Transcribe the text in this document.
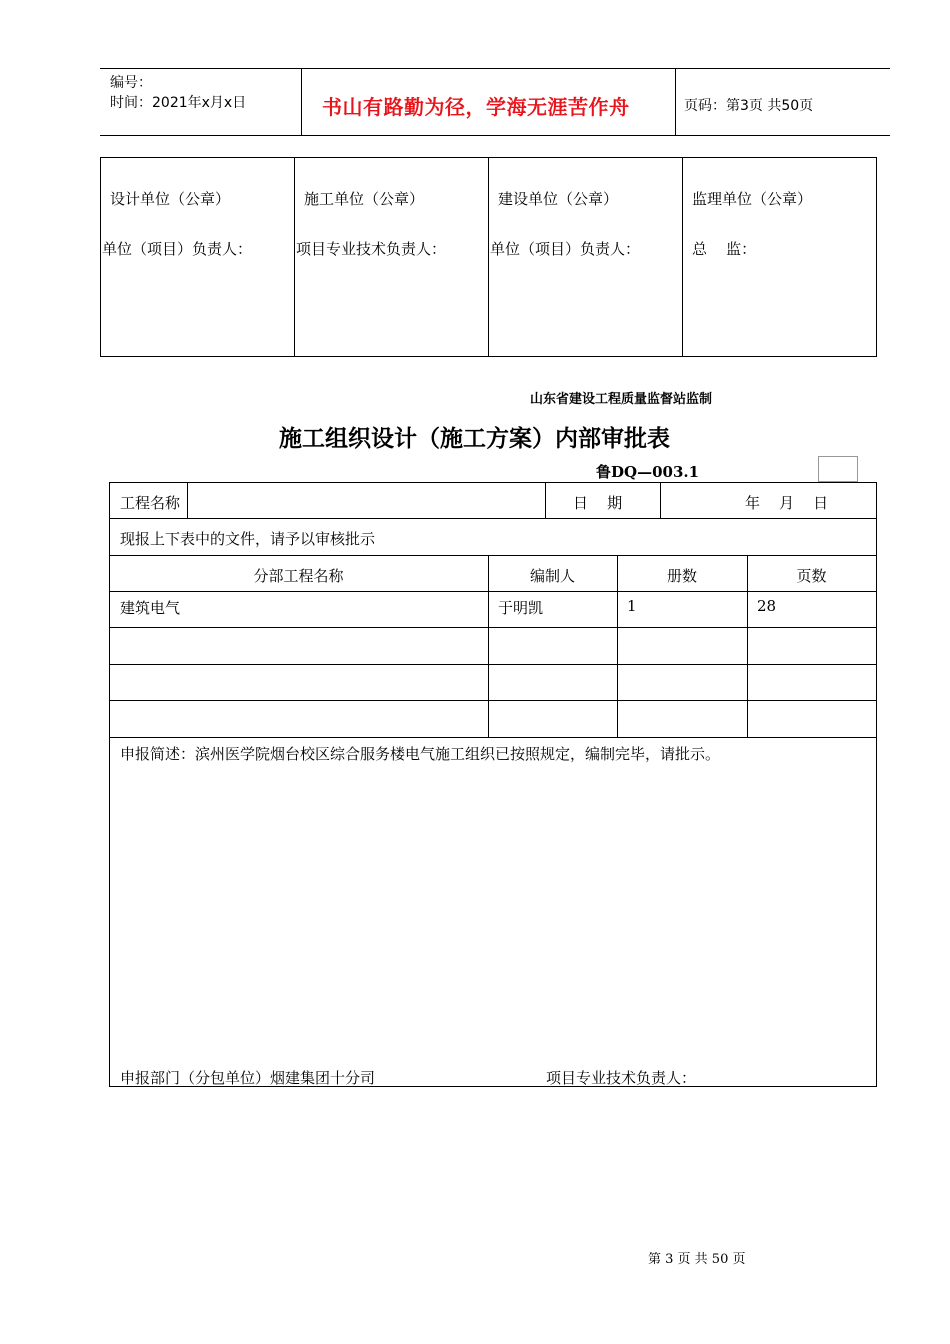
编号：
时间：2021年x月x日	书山有路勤为径，学海无涯苦作舟	页码：第3页 共50页
设计单位（公章）
单位（项目）负责人：
施工单位（公章）
项目专业技术负责人：
建设单位（公章）
单位（项目）负责人：
监理单位（公章）
总    监：
山东省建设工程质量监督站监制
施工组织设计（施工方案）内部审批表
鲁DQ—003.1
工程名称	日    期	年    月    日
现报上下表中的文件，请予以审核批示
分部工程名称	编制人	册数	页数
建筑电气	于明凯	1	28
申报简述：滨州医学院烟台校区综合服务楼电气施工组织已按照规定，编制完毕，请批示。
申报部门（分包单位）烟建集团十分司	项目专业技术负责人：
第 3 页 共 50 页
